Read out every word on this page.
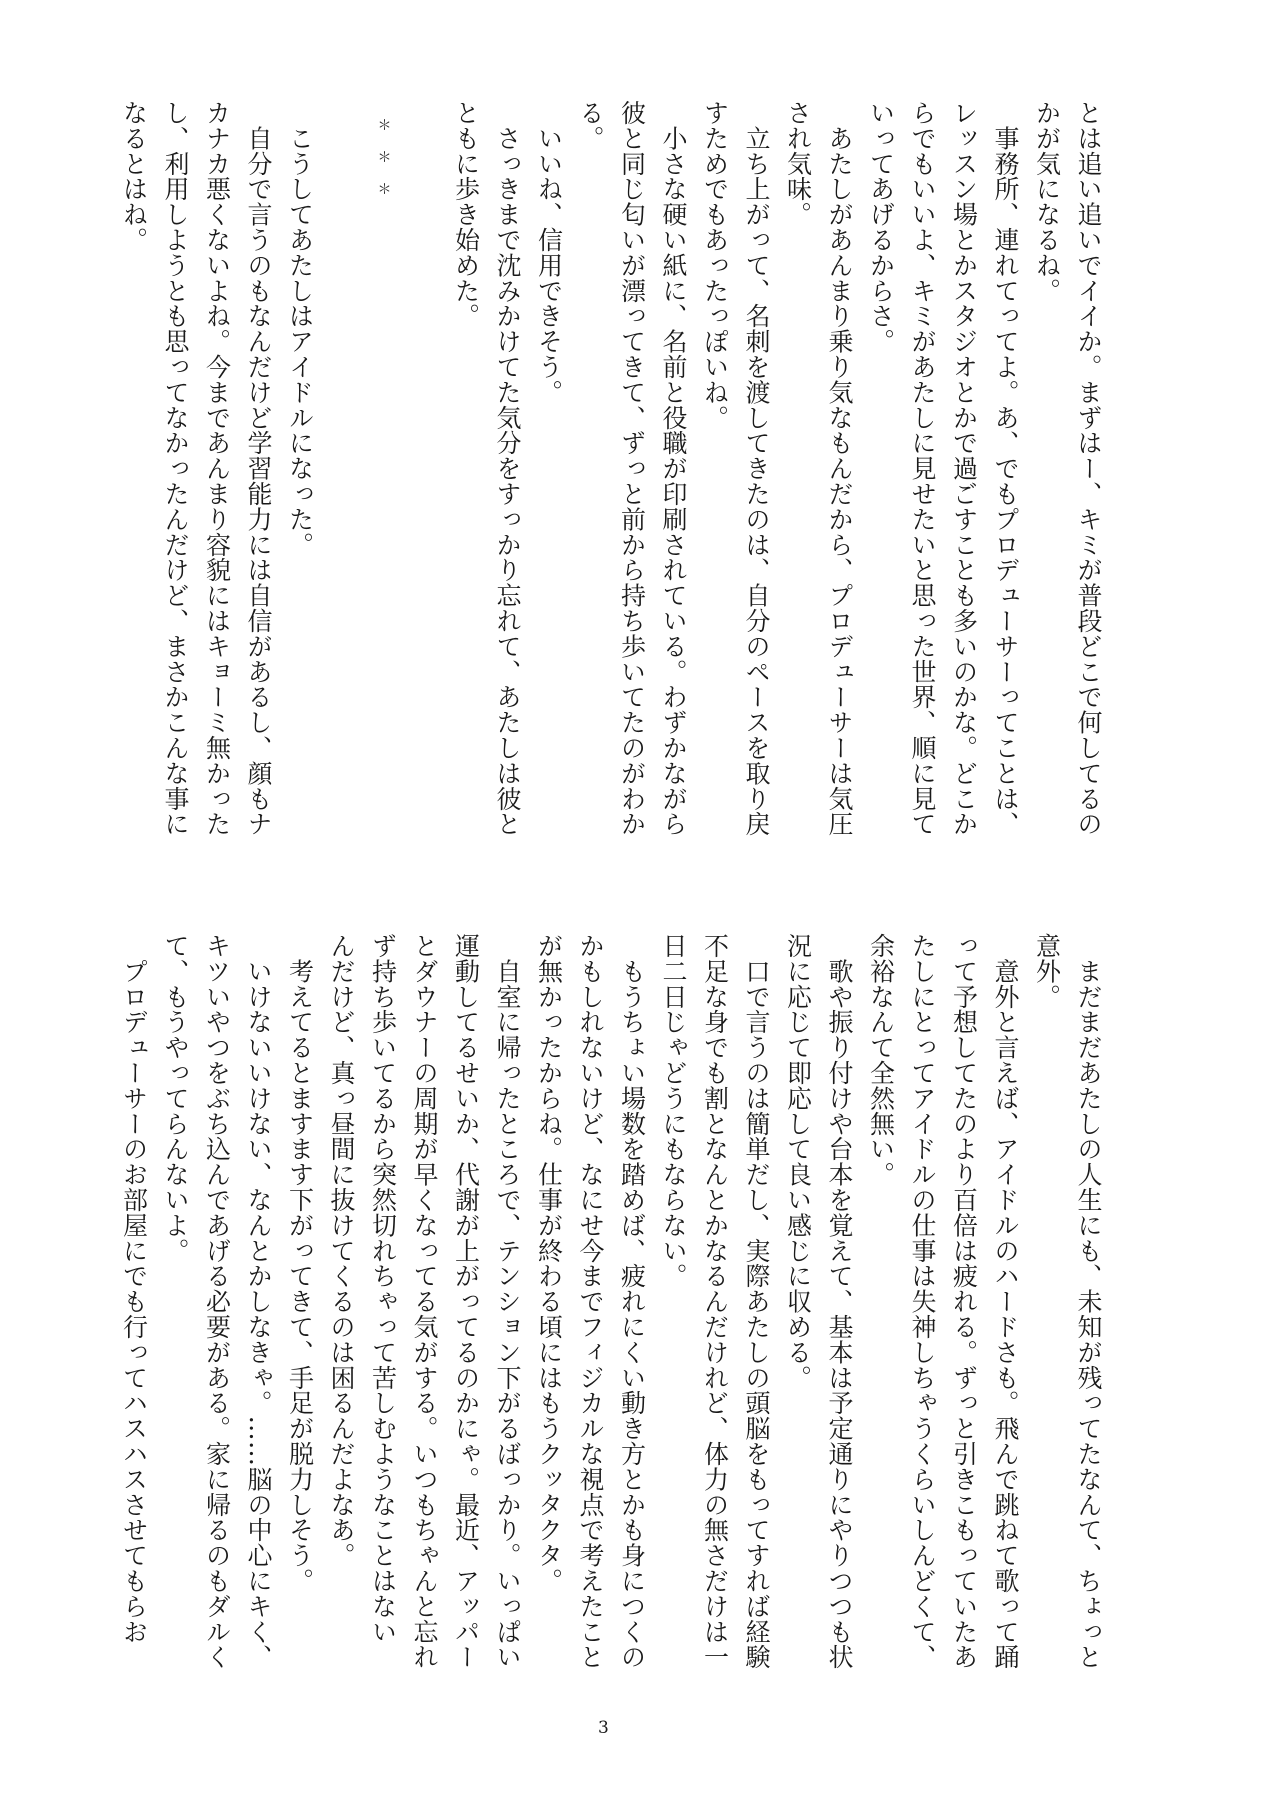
とは追い追いでイイか。まずはー、キミが普段どこで何してるの
かが気になるね。
　事務所、連れてってよ。あ、でもプロデューサーってことは、
レッスン場とかスタジオとかで過ごすことも多いのかな。どこか
らでもいいよ、キミがあたしに見せたいと思った世界、順に見て
いってあげるからさ。
　あたしがあんまり乗り気なもんだから、プロデューサーは気圧
され気味。
　立ち上がって、名刺を渡してきたのは、自分のペースを取り戻
すためでもあったっぽいね。
　小さな硬い紙に、名前と役職が印刷されている。わずかながら
彼と同じ匂いが漂ってきて、ずっと前から持ち歩いてたのがわか
る。
　いいね、信用できそう。
　さっきまで沈みかけてた気分をすっかり忘れて、あたしは彼と
ともに歩き始めた。
＊＊＊
　こうしてあたしはアイドルになった。
　自分で言うのもなんだけど学習能力には自信があるし、顔もナ
カナカ悪くないよね。今まであんまり容貌にはキョーミ無かった
し、利用しようとも思ってなかったんだけど、まさかこんな事に
なるとはね。
　まだまだあたしの人生にも、未知が残ってたなんて、ちょっと
意外。
　意外と言えば、アイドルのハードさも。飛んで跳ねて歌って踊
って予想してたのより百倍は疲れる。ずっと引きこもっていたあ
たしにとってアイドルの仕事は失神しちゃうくらいしんどくて、
余裕なんて全然無い。
　歌や振り付けや台本を覚えて、基本は予定通りにやりつつも状
況に応じて即応して良い感じに収める。
　口で言うのは簡単だし、実際あたしの頭脳をもってすれば経験
不足な身でも割となんとかなるんだけれど、体力の無さだけは一
日二日じゃどうにもならない。
　もうちょい場数を踏めば、疲れにくい動き方とかも身につくの
かもしれないけど、なにせ今までフィジカルな視点で考えたこと
が無かったからね。仕事が終わる頃にはもうクッタクタ。
　自室に帰ったところで、テンション下がるばっかり。いっぱい
運動してるせいか、代謝が上がってるのかにゃ。最近、アッパー
とダウナーの周期が早くなってる気がする。いつもちゃんと忘れ
ず持ち歩いてるから突然切れちゃって苦しむようなことはない
んだけど、真っ昼間に抜けてくるのは困るんだよなあ。
　考えてるとますます下がってきて、手足が脱力しそう。
　いけないいけない、なんとかしなきゃ。……脳の中心にキく、
キツいやつをぶち込んであげる必要がある。家に帰るのもダルく
て、もうやってらんないよ。
　プロデューサーのお部屋にでも行ってハスハスさせてもらお
3
